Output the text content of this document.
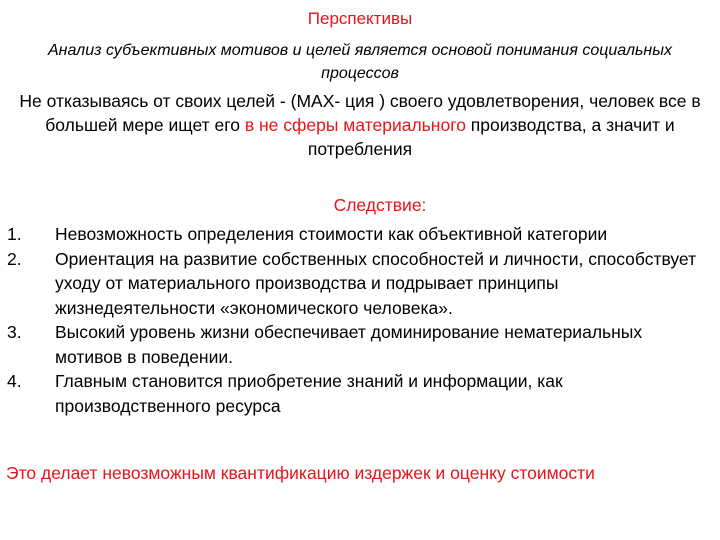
Перспективы
Анализ субъективных мотивов и целей является основой понимания социальных процессов
Не отказываясь от своих целей - (МАХ- ция ) своего удовлетворения, человек все в большей мере ищет его в не сферы материального производства, а значит и потребления
Следствие:
1.	Невозможность определения стоимости как объективной категории
2.	Ориентация на развитие собственных способностей и личности, способствует уходу от материального производства и подрывает принципы жизнедеятельности «экономического человека».
3.	Высокий уровень жизни обеспечивает доминирование нематериальных мотивов в поведении.
4.	Главным становится приобретение знаний и информации, как производственного ресурса
Это делает невозможным квантификацию издержек и оценку стоимости
